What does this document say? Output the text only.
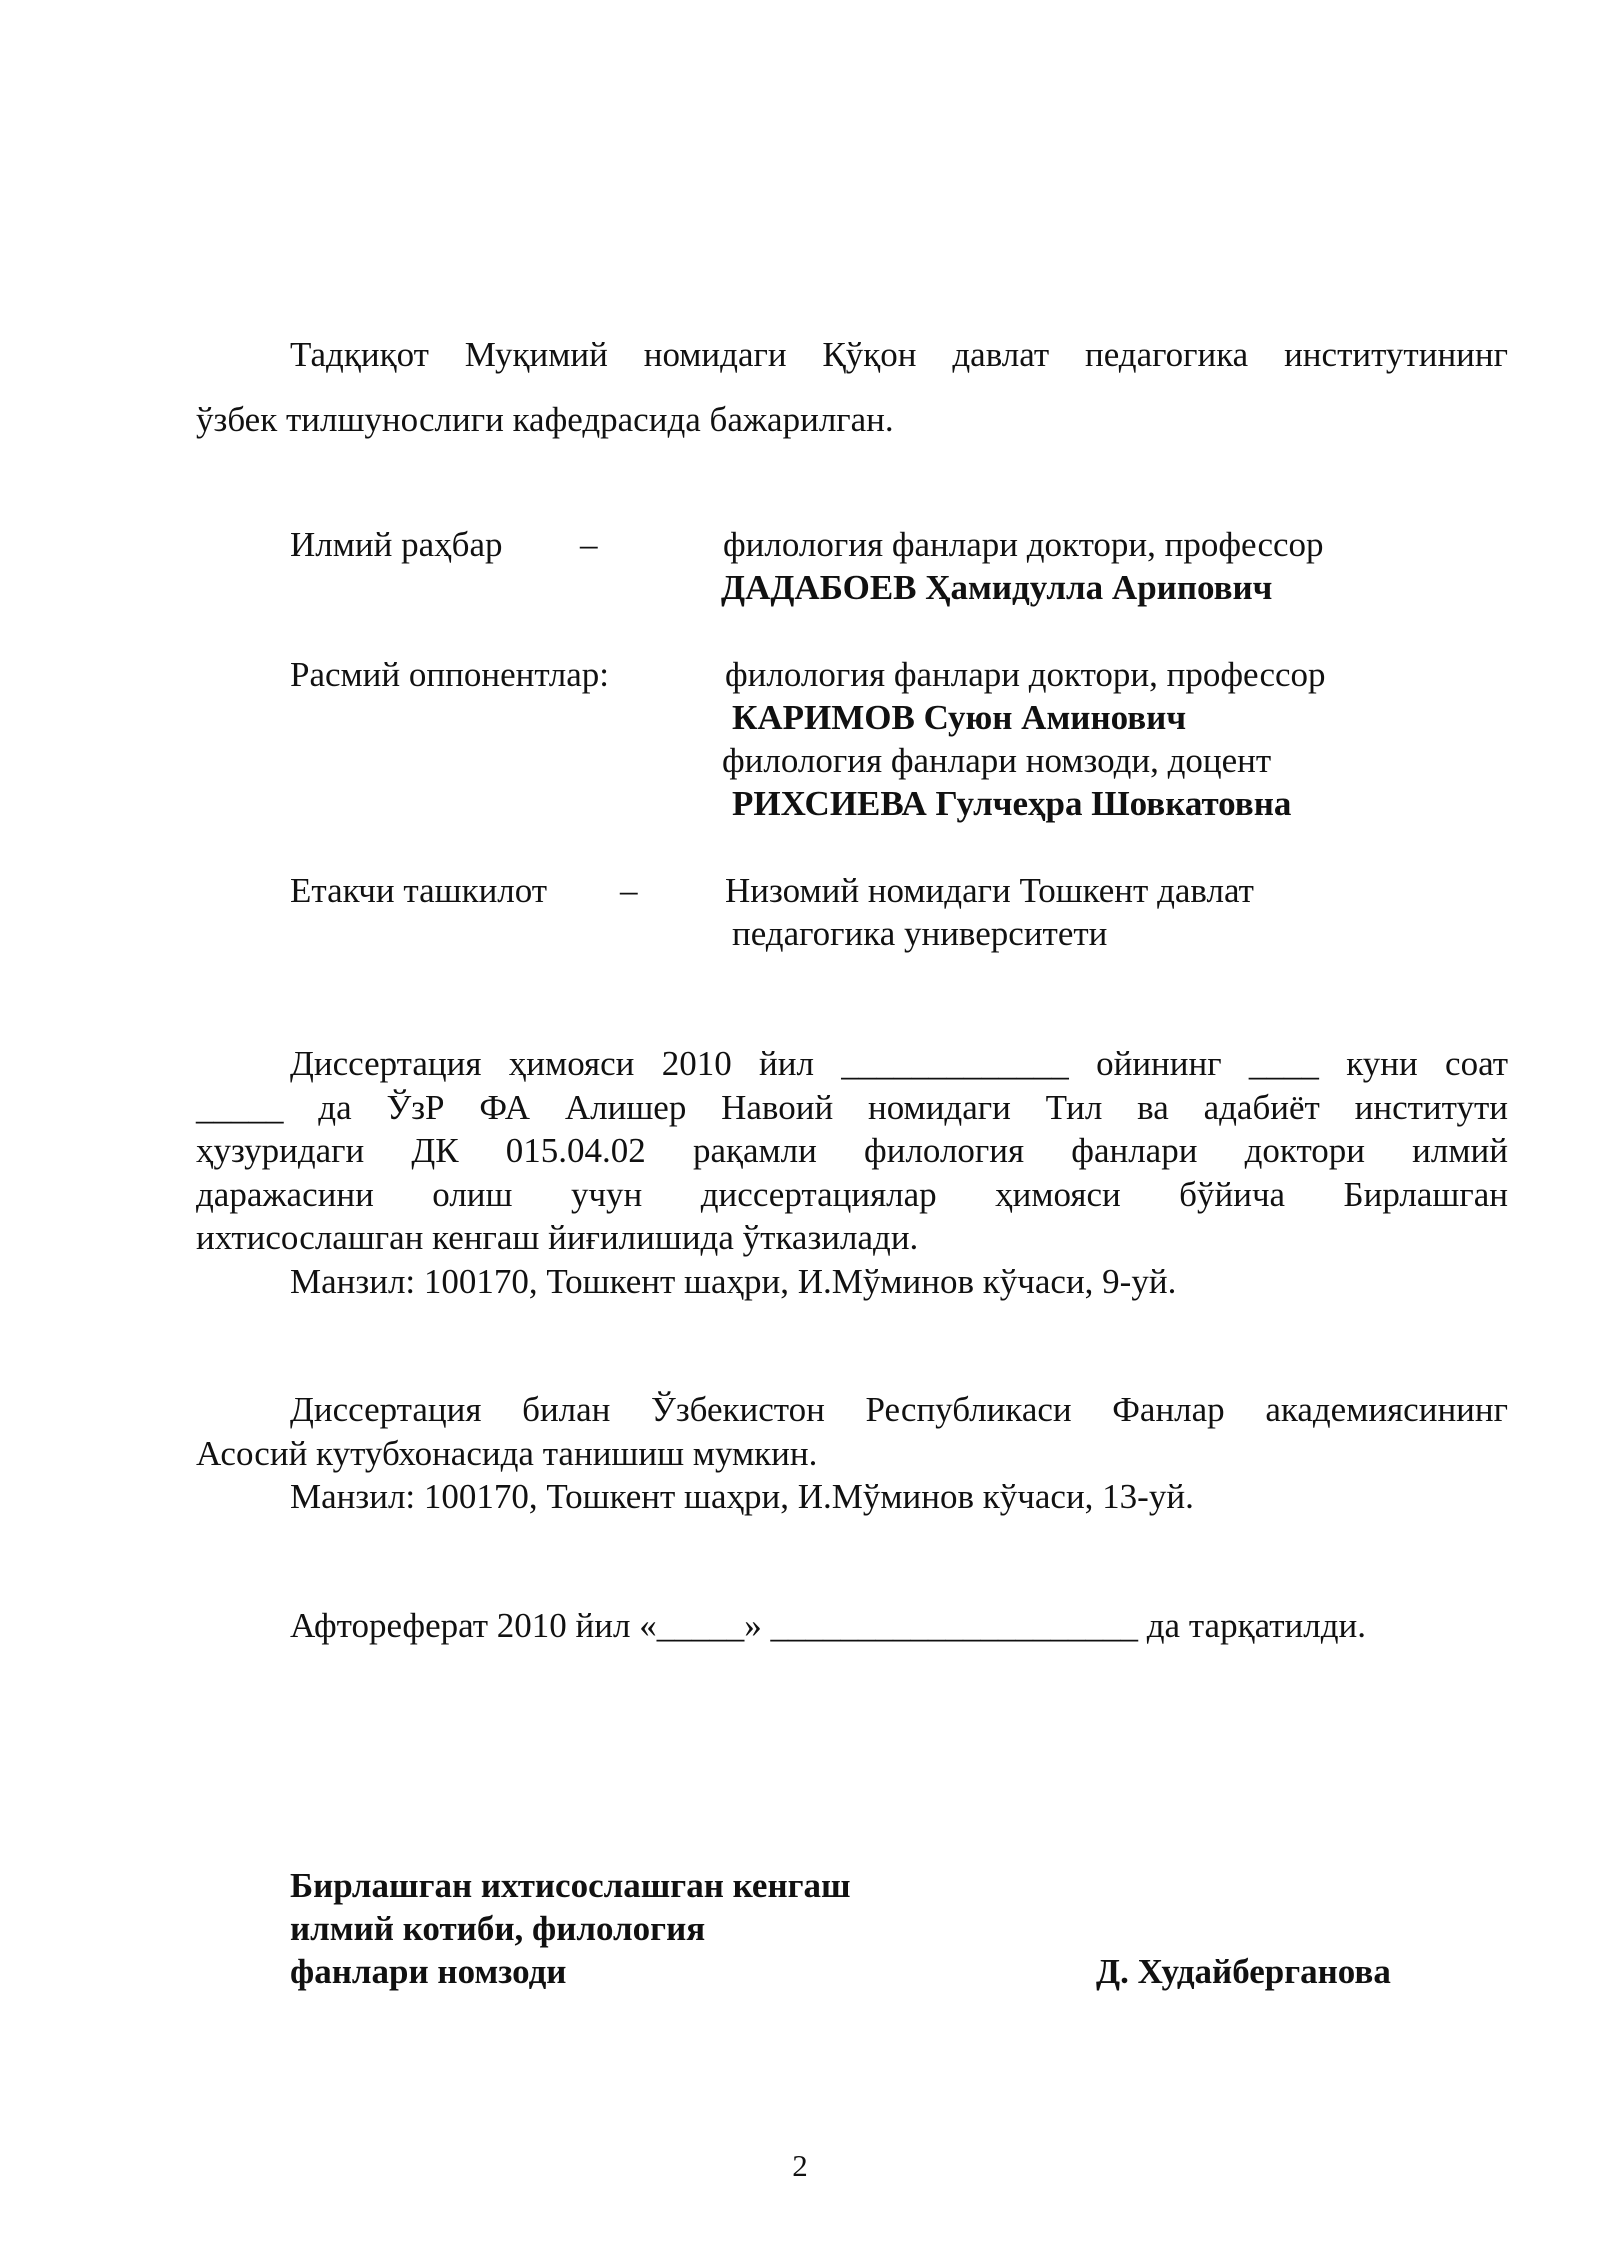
Тадқиқот Муқимий номидаги Қўқон давлат педагогика институтининг
ўзбек тилшунослиги кафедрасида бажарилган.
Илмий раҳбар –	филология фанлари доктори, профессор
ДАДАБОЕВ Ҳамидулла Арипович
Расмий оппонентлар:	филология фанлари доктори, профессор
КАРИМОВ Суюн Аминович
филология фанлари номзоди, доцент
РИХСИЕВА Гулчеҳра Шовкатовна
Етакчи ташкилот –	Низомий номидаги Тошкент давлат
педагогика университети
Диссертация ҳимояси 2010 йил _____________ ойининг ____ куни соат
_____ да ЎзР ФА Алишер Навоий номидаги Тил ва адабиёт институти
ҳузуридаги ДК 015.04.02 рақамли филология фанлари доктори илмий
даражасини олиш учун диссертациялар ҳимояси бўйича Бирлашган
ихтисослашган кенгаш йиғилишида ўтказилади.
Манзил: 100170, Тошкент шаҳри, И.Мўминов кўчаси, 9-уй.
Диссертация билан Ўзбекистон Республикаси Фанлар академиясининг
Асосий кутубхонасида танишиш мумкин.
Манзил: 100170, Тошкент шаҳри, И.Мўминов кўчаси, 13-уй.
Афтореферат 2010 йил «_____» _____________________ да тарқатилди.
Бирлашган ихтисослашган кенгаш
илмий котиби, филология
фанлари номзоди	Д. Худайберганова
2
